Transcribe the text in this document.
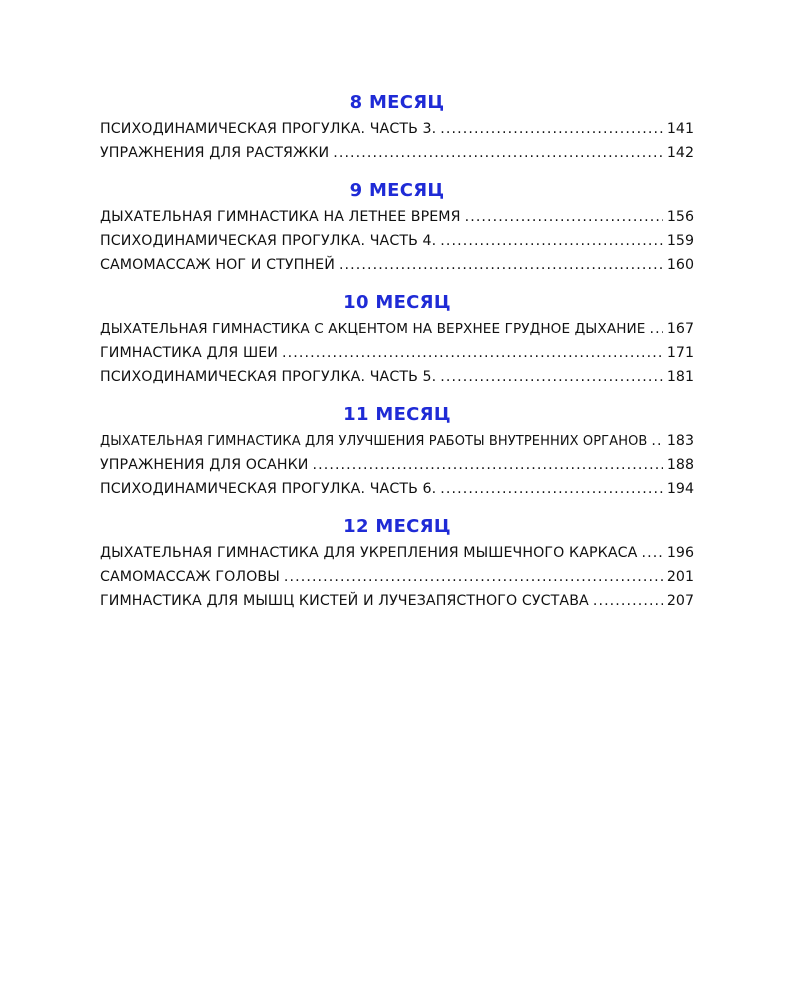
8 МЕСЯЦ
ПСИХОДИНАМИЧЕСКАЯ ПРОГУЛКА. ЧАСТЬ 3. .....	141
УПРАЖНЕНИЯ ДЛЯ РАСТЯЖКИ .....	142
9 МЕСЯЦ
ДЫХАТЕЛЬНАЯ ГИМНАСТИКА НА ЛЕТНЕЕ ВРЕМЯ .....	156
ПСИХОДИНАМИЧЕСКАЯ ПРОГУЛКА. ЧАСТЬ 4. .....	159
САМОМАССАЖ НОГ И СТУПНЕЙ .....	160
10 МЕСЯЦ
ДЫХАТЕЛЬНАЯ ГИМНАСТИКА С АКЦЕНТОМ НА ВЕРХНЕЕ ГРУДНОЕ ДЫХАНИЕ ..... 167
ГИМНАСТИКА ДЛЯ ШЕИ .....	171
ПСИХОДИНАМИЧЕСКАЯ ПРОГУЛКА. ЧАСТЬ 5. .....	181
11 МЕСЯЦ
ДЫХАТЕЛЬНАЯ ГИМНАСТИКА ДЛЯ УЛУЧШЕНИЯ РАБОТЫ ВНУТРЕННИХ ОРГАНОВ ..... 183
УПРАЖНЕНИЯ ДЛЯ ОСАНКИ .....	188
ПСИХОДИНАМИЧЕСКАЯ ПРОГУЛКА. ЧАСТЬ 6. .....	194
12 МЕСЯЦ
ДЫХАТЕЛЬНАЯ ГИМНАСТИКА ДЛЯ УКРЕПЛЕНИЯ МЫШЕЧНОГО КАРКАСА ..... 196
САМОМАССАЖ ГОЛОВЫ .....	201
ГИМНАСТИКА ДЛЯ МЫШЦ КИСТЕЙ И ЛУЧЕЗАПЯСТНОГО СУСТАВА .....	207
